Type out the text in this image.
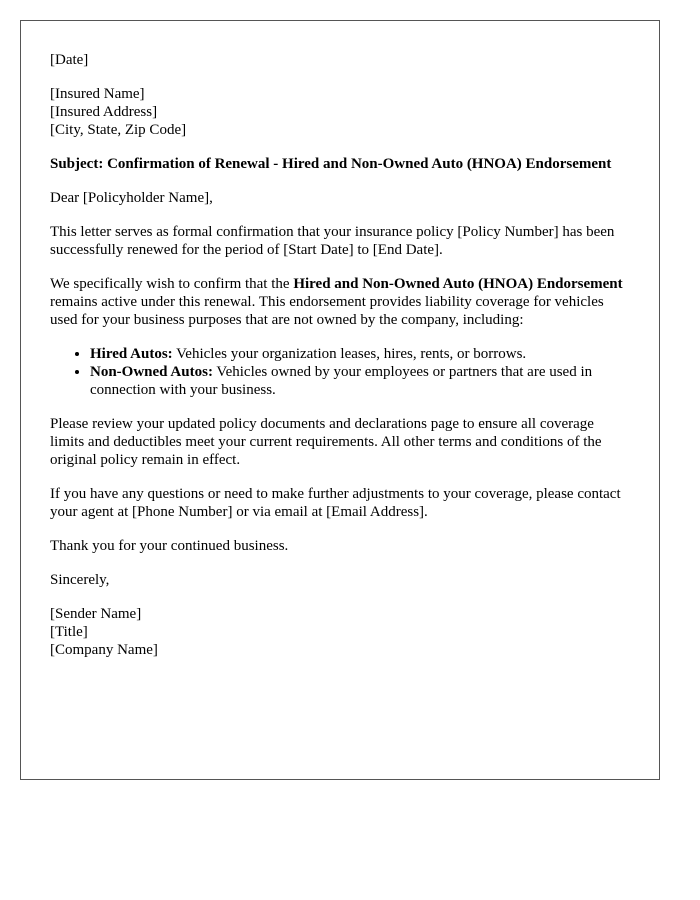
[Date]

[Insured Name]
[Insured Address]
[City, State, Zip Code]

Subject: Confirmation of Renewal - Hired and Non-Owned Auto (HNOA) Endorsement

Dear [Policyholder Name],

This letter serves as formal confirmation that your insurance policy [Policy Number] has been successfully renewed for the period of [Start Date] to [End Date].

We specifically wish to confirm that the Hired and Non-Owned Auto (HNOA) Endorsement remains active under this renewal. This endorsement provides liability coverage for vehicles used for your business purposes that are not owned by the company, including:

• Hired Autos: Vehicles your organization leases, hires, rents, or borrows.
• Non-Owned Autos: Vehicles owned by your employees or partners that are used in connection with your business.

Please review your updated policy documents and declarations page to ensure all coverage limits and deductibles meet your current requirements. All other terms and conditions of the original policy remain in effect.

If you have any questions or need to make further adjustments to your coverage, please contact your agent at [Phone Number] or via email at [Email Address].

Thank you for your continued business.

Sincerely,

[Sender Name]
[Title]
[Company Name]
